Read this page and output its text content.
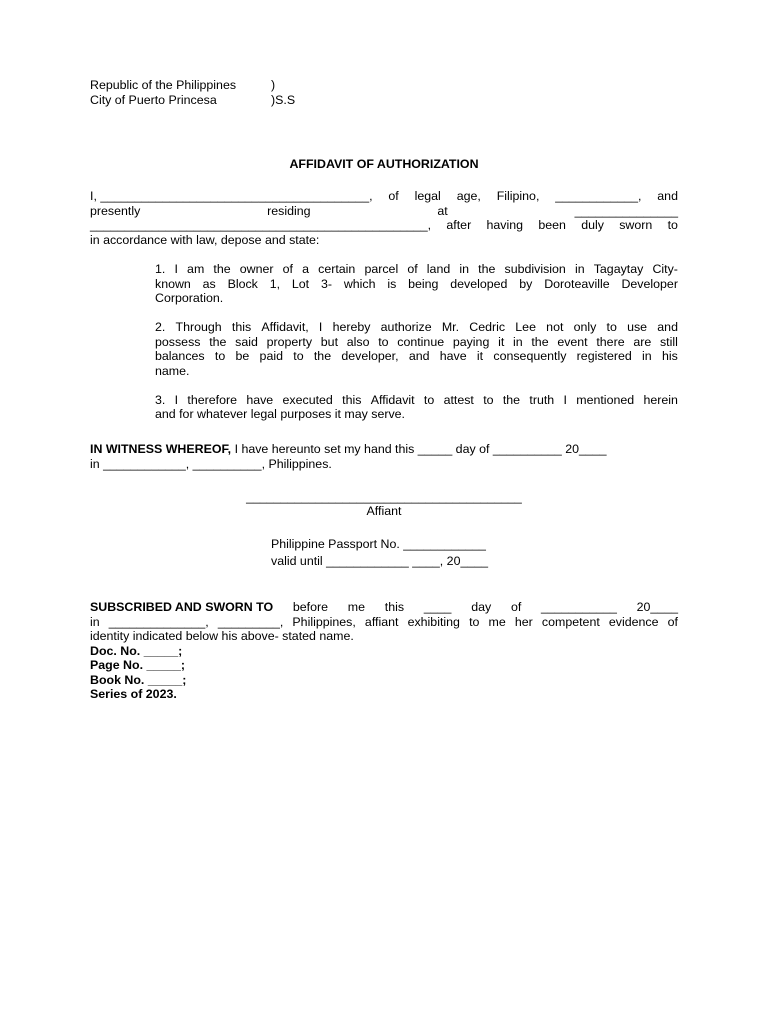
Republic of the Philippines	)
City of Puerto Princesa	)S.S
AFFIDAVIT OF AUTHORIZATION
I, _______________________________________, of legal age, Filipino, ____________, and
presently	residing	at	_______________
_________________________________________________, after having been duly sworn to
in accordance with law, depose and state:
1. I am the owner of a certain parcel of land in the subdivision in Tagaytay City-
known as Block 1, Lot 3- which is being developed by Doroteaville Developer
Corporation.
2. Through this Affidavit, I hereby authorize Mr. Cedric Lee not only to use and
possess the said property but also to continue paying it in the event there are still
balances to be paid to the developer, and have it consequently registered in his
name.
3. I therefore have executed this Affidavit to attest to the truth I mentioned herein
and for whatever legal purposes it may serve.
IN WITNESS WHEREOF, I have hereunto set my hand this _____ day of __________ 20____
in ____________, __________, Philippines.
________________________________________
Affiant
Philippine Passport No. ____________
valid until ____________ ____, 20____
SUBSCRIBED AND SWORN TO before me this ____ day of ___________ 20____
in ______________, _________, Philippines, affiant exhibiting to me her competent evidence of
identity indicated below his above- stated name.
Doc. No. _____;
Page No. _____;
Book No. _____;
Series of 2023.
